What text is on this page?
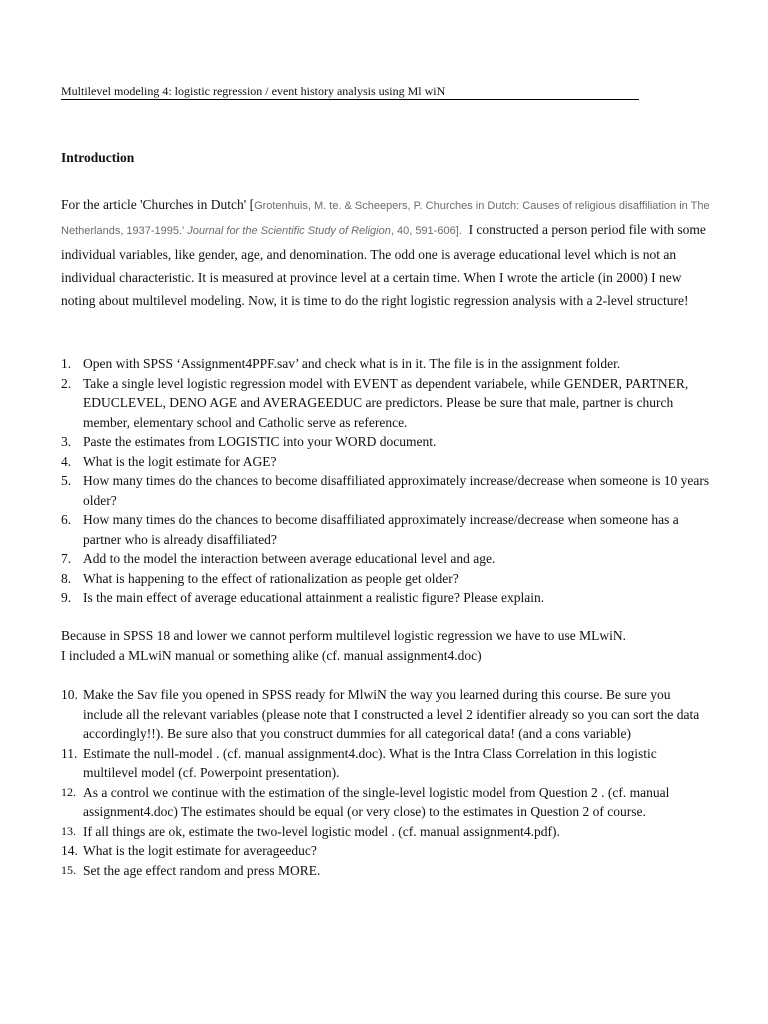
Multilevel modeling 4: logistic regression / event history analysis using Ml wiN
Introduction

For the article 'Churches in Dutch' [Grotenhuis, M. te. & Scheepers, P. Churches in Dutch: Causes of religious disaffiliation in The Netherlands, 1937-1995.' Journal for the Scientific Study of Religion, 40, 591-606]. I constructed a person period file with some individual variables, like gender, age, and denomination. The odd one is average educational level which is not an individual characteristic. It is measured at province level at a certain time. When I wrote the article (in 2000) I new noting about multilevel modeling. Now, it is time to do the right logistic regression analysis with a 2-level structure!

1. Open with SPSS ‘Assignment4PPF.sav’ and check what is in it. The file is in the assignment folder.
2. Take a single level logistic regression model with EVENT as dependent variabele, while GENDER, PARTNER, EDUCLEVEL, DENO AGE and AVERAGEEDUC are predictors. Please be sure that male, partner is church member, elementary school and Catholic serve as reference.
3. Paste the estimates from LOGISTIC into your WORD document.
4. What is the logit estimate for AGE?
5. How many times do the chances to become disaffiliated approximately increase/decrease when someone is 10 years older?
6. How many times do the chances to become disaffiliated approximately increase/decrease when someone has a partner who is already disaffiliated?
7. Add to the model the interaction between average educational level and age.
8. What is happening to the effect of rationalization as people get older?
9. Is the main effect of average educational attainment a realistic figure? Please explain.
Because in SPSS 18 and lower we cannot perform multilevel logistic regression we have to use MLwiN.
I included a MLwiN manual or something alike (cf. manual assignment4.doc)
10. Make the Sav file you opened in SPSS ready for MlwiN the way you learned during this course. Be sure you include all the relevant variables (please note that I constructed a level 2 identifier already so you can sort the data accordingly!!). Be sure also that you construct dummies for all categorical data! (and a cons variable)
11. Estimate the null-model . (cf. manual assignment4.doc). What is the Intra Class Correlation in this logistic multilevel model (cf. Powerpoint presentation).
12. As a control we continue with the estimation of the single-level logistic model from Question 2 . (cf. manual assignment4.doc) The estimates should be equal (or very close) to the estimates in Question 2 of course.
13. If all things are ok, estimate the two-level logistic model . (cf. manual assignment4.pdf).
14. What is the logit estimate for averageeduc?
15. Set the age effect random and press MORE.
